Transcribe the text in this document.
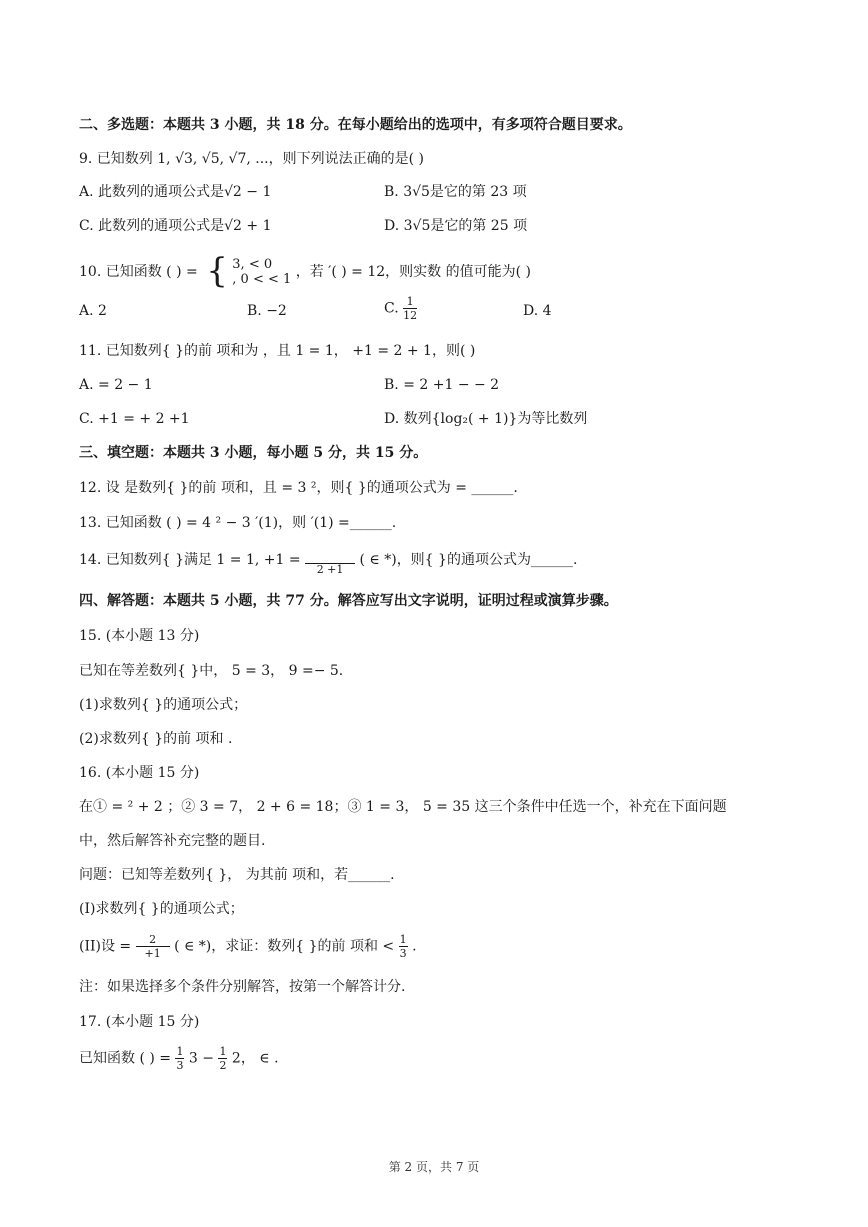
二、多选题：本题共 3 小题，共 18 分。在每小题给出的选项中，有多项符合题目要求。
9. 已知数列 1, √3, √5, √7, ...，则下列说法正确的是( )
A. 此数列的通项公式是√2 − 1	B. 3√5是它的第 23 项
C. 此数列的通项公式是√2 + 1	D. 3√5是它的第 25 项
10. 已知函数 ( ) = { 3, < 0
, 0 < < 1 ，若 ′( ) = 12，则实数 的值可能为( )
A. 2	B. −2	C. $\frac{1}{12}$	D. 4
11. 已知数列{ }的前 项和为 ，且 1 = 1， +1 = 2 + 1，则( )
A. = 2 − 1	B. = 2 +1 − − 2
C. +1 = + 2 +1	D. 数列{log₂( + 1)}为等比数列
三、填空题：本题共 3 小题，每小题 5 分，共 15 分。
12. 设 是数列{ }的前 项和，且 = 3 ²，则{ }的通项公式为 = ______.
13. 已知函数 ( ) = 4 ² − 3 ′(1)，则 ′(1) =______.
14. 已知数列{ }满足 1 = 1, +1 =
2 +1
( ∈ *)，则{ }的通项公式为______.
四、解答题：本题共 5 小题，共 77 分。解答应写出文字说明，证明过程或演算步骤。
15. (本小题 13 分)
已知在等差数列{ }中， 5 = 3， 9 =− 5.
(1)求数列{ }的通项公式；
(2)求数列{ }的前 项和 .
16. (本小题 15 分)
在① = ² + 2 ；② 3 = 7， 2 + 6 = 18；③ 1 = 3， 5 = 35 这三个条件中任选一个，补充在下面问题
中，然后解答补充完整的题目.
问题：已知等差数列{ }， 为其前 项和，若______.
(I)求数列{ }的通项公式；
(II)设 = $\frac{2}{+1}$ ( ∈ *)，求证：数列{ }的前 项和 < $\frac{1}{3}$ .
注：如果选择多个条件分别解答，按第一个解答计分.
17. (本小题 15 分)
已知函数 ( ) = $\frac{1}{3} 3 - \frac{1}{2} 2$， ∈ .
第 2 页，共 7 页
